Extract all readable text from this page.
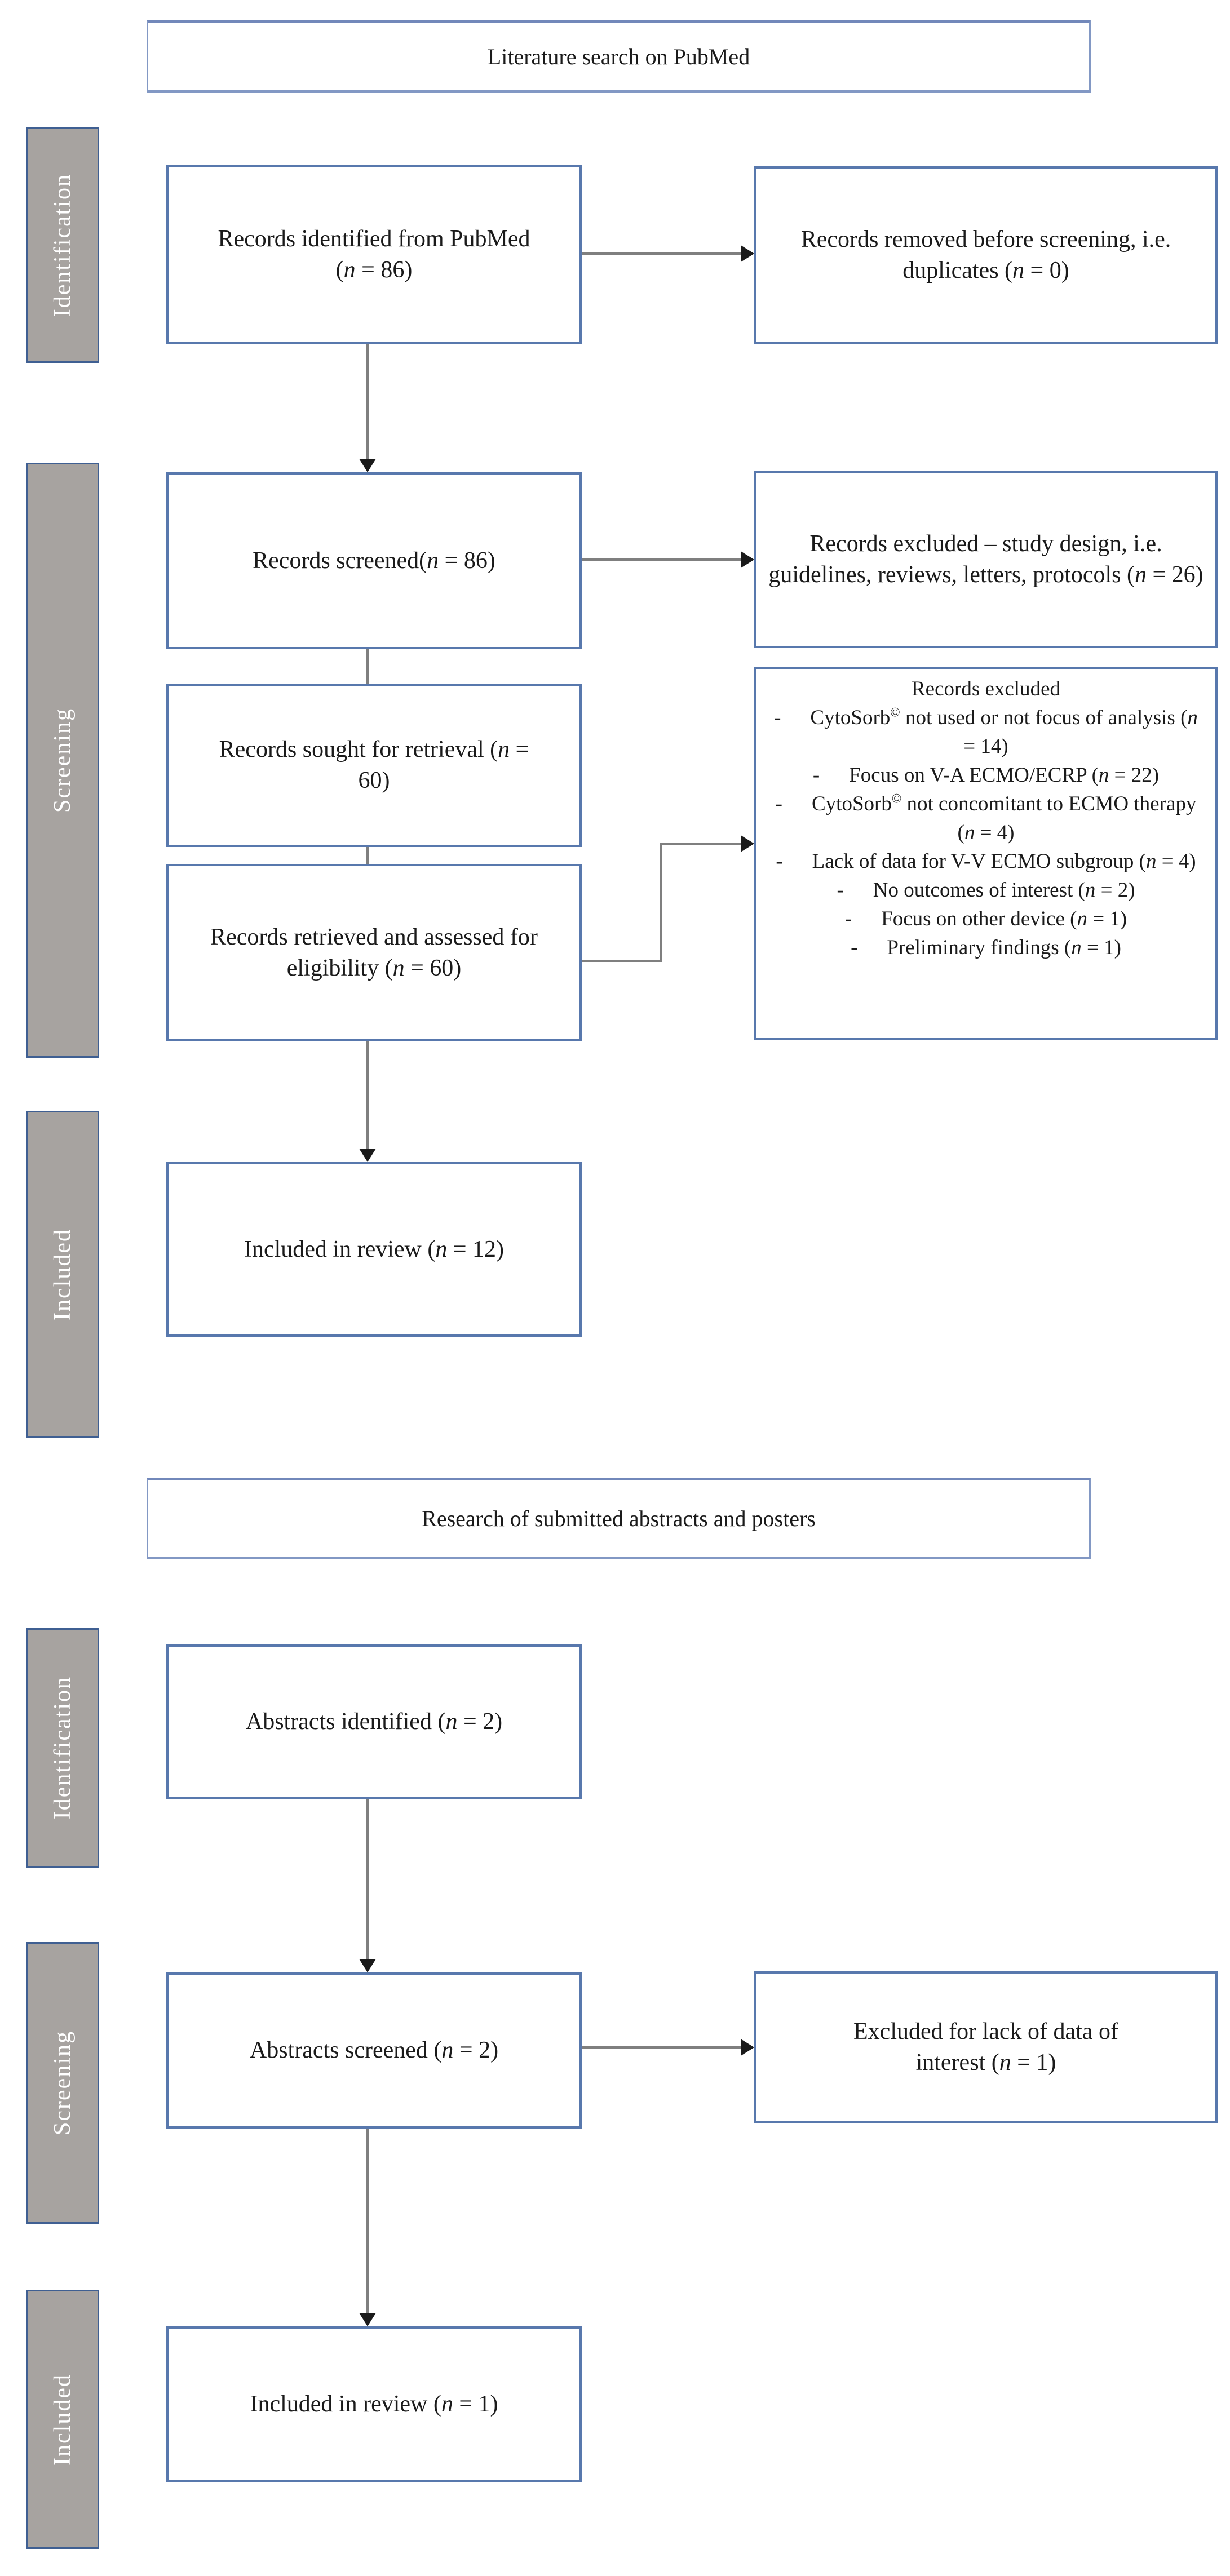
Literature search on PubMed
Identification
Screening
Included
Records identified from PubMed (n = 86)
Records removed before screening, i.e. duplicates (n = 0)
Records screened(n = 86)
Records excluded – study design, i.e. guidelines, reviews, letters, protocols (n = 26)
Records sought for retrieval (n = 60)
Records excluded
- CytoSorb© not used or not focus of analysis (n = 14)
- Focus on V-A ECMO/ECRP (n = 22)
- CytoSorb© not concomitant to ECMO therapy (n = 4)
- Lack of data for V-V ECMO subgroup (n = 4)
- No outcomes of interest (n = 2)
- Focus on other device (n = 1)
- Preliminary findings (n = 1)
Records retrieved and assessed for eligibility (n = 60)
Included in review (n = 12)
Research of submitted abstracts and posters
Identification
Screening
Included
Abstracts identified (n = 2)
Abstracts screened (n = 2)
Excluded for lack of data of interest (n = 1)
Included in review (n = 1)
